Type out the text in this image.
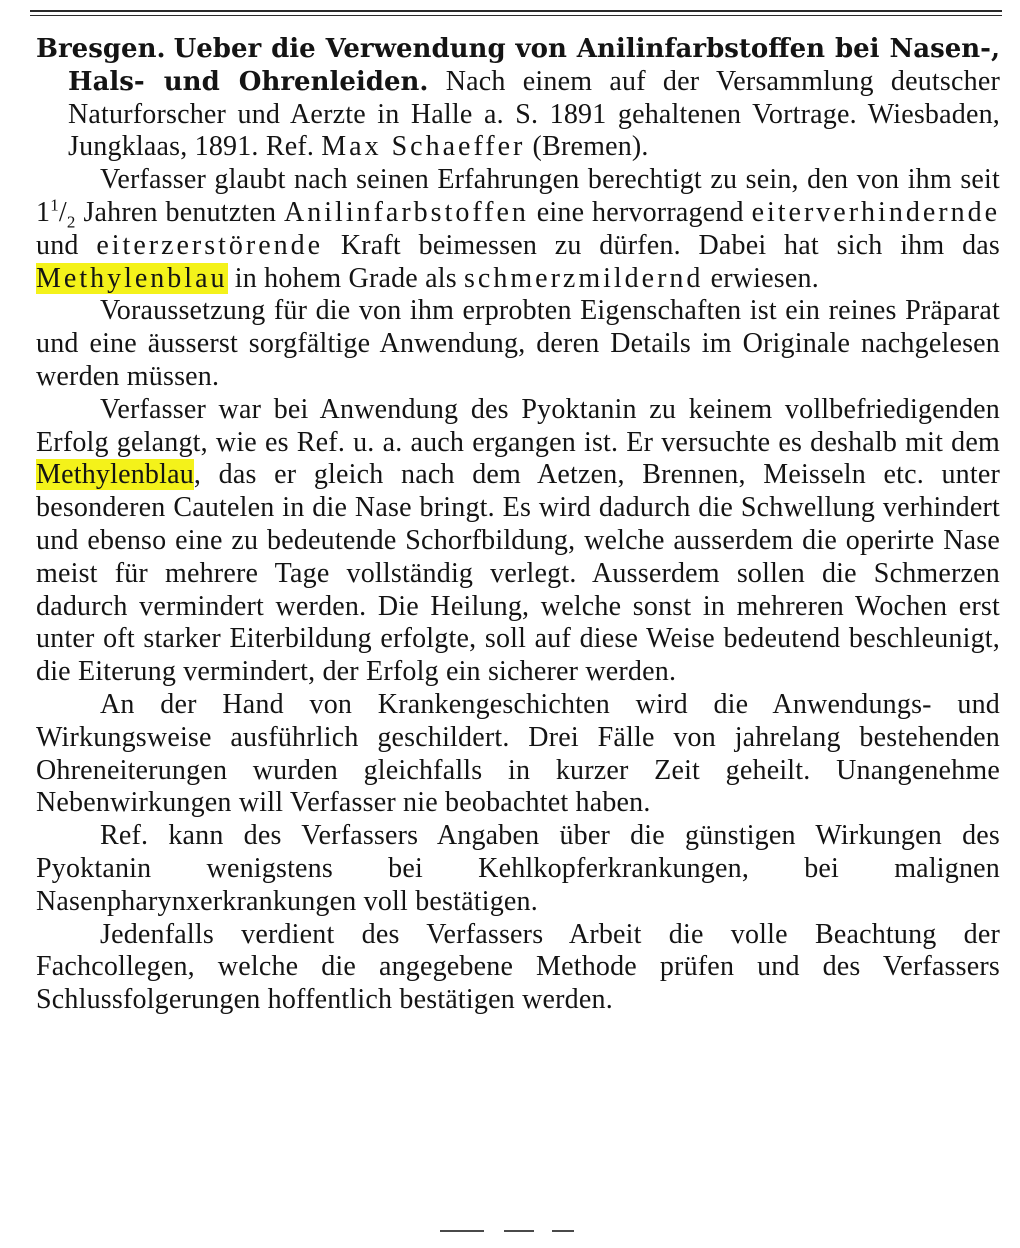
Bresgen. Ueber die Verwendung von Anilinfarbstoffen bei Nasen-, Hals- und Ohrenleiden. Nach einem auf der Versammlung deutscher Naturforscher und Aerzte in Halle a. S. 1891 gehaltenen Vortrage. Wiesbaden, Jungklaas, 1891. Ref. Max Schaeffer (Bremen).

Verfasser glaubt nach seinen Erfahrungen berechtigt zu sein, den von ihm seit $1^1/_2$ Jahren benutzten Anilinfarbstoffen eine hervorragend eiterverhindernde und eiterzerstörende Kraft beimessen zu dürfen. Dabei hat sich ihm das Methylenblau in hohem Grade als schmerzmildernd erwiesen.

Voraussetzung für die von ihm erprobten Eigenschaften ist ein reines Präparat und eine äusserst sorgfältige Anwendung, deren Details im Originale nachgelesen werden müssen.

Verfasser war bei Anwendung des Pyoktanin zu keinem vollbefriedigenden Erfolg gelangt, wie es Ref. u. a. auch ergangen ist. Er versuchte es deshalb mit dem Methylenblau, das er gleich nach dem Aetzen, Brennen, Meisseln etc. unter besonderen Cautelen in die Nase bringt. Es wird dadurch die Schwellung verhindert und ebenso eine zu bedeutende Schorfbildung, welche ausserdem die operirte Nase meist für mehrere Tage vollständig verlegt. Ausserdem sollen die Schmerzen dadurch vermindert werden. Die Heilung, welche sonst in mehreren Wochen erst unter oft starker Eiterbildung erfolgte, soll auf diese Weise bedeutend beschleunigt, die Eiterung vermindert, der Erfolg ein sicherer werden.

An der Hand von Krankengeschichten wird die Anwendungs- und Wirkungsweise ausführlich geschildert. Drei Fälle von jahrelang bestehenden Ohreneiterungen wurden gleichfalls in kurzer Zeit geheilt. Unangenehme Nebenwirkungen will Verfasser nie beobachtet haben.

Ref. kann des Verfassers Angaben über die günstigen Wirkungen des Pyoktanin wenigstens bei Kehlkopferkrankungen, bei malignen Nasenpharynxerkrankungen voll bestätigen.

Jedenfalls verdient des Verfassers Arbeit die volle Beachtung der Fachcollegen, welche die angegebene Methode prüfen und des Verfassers Schlussfolgerungen hoffentlich bestätigen werden.
